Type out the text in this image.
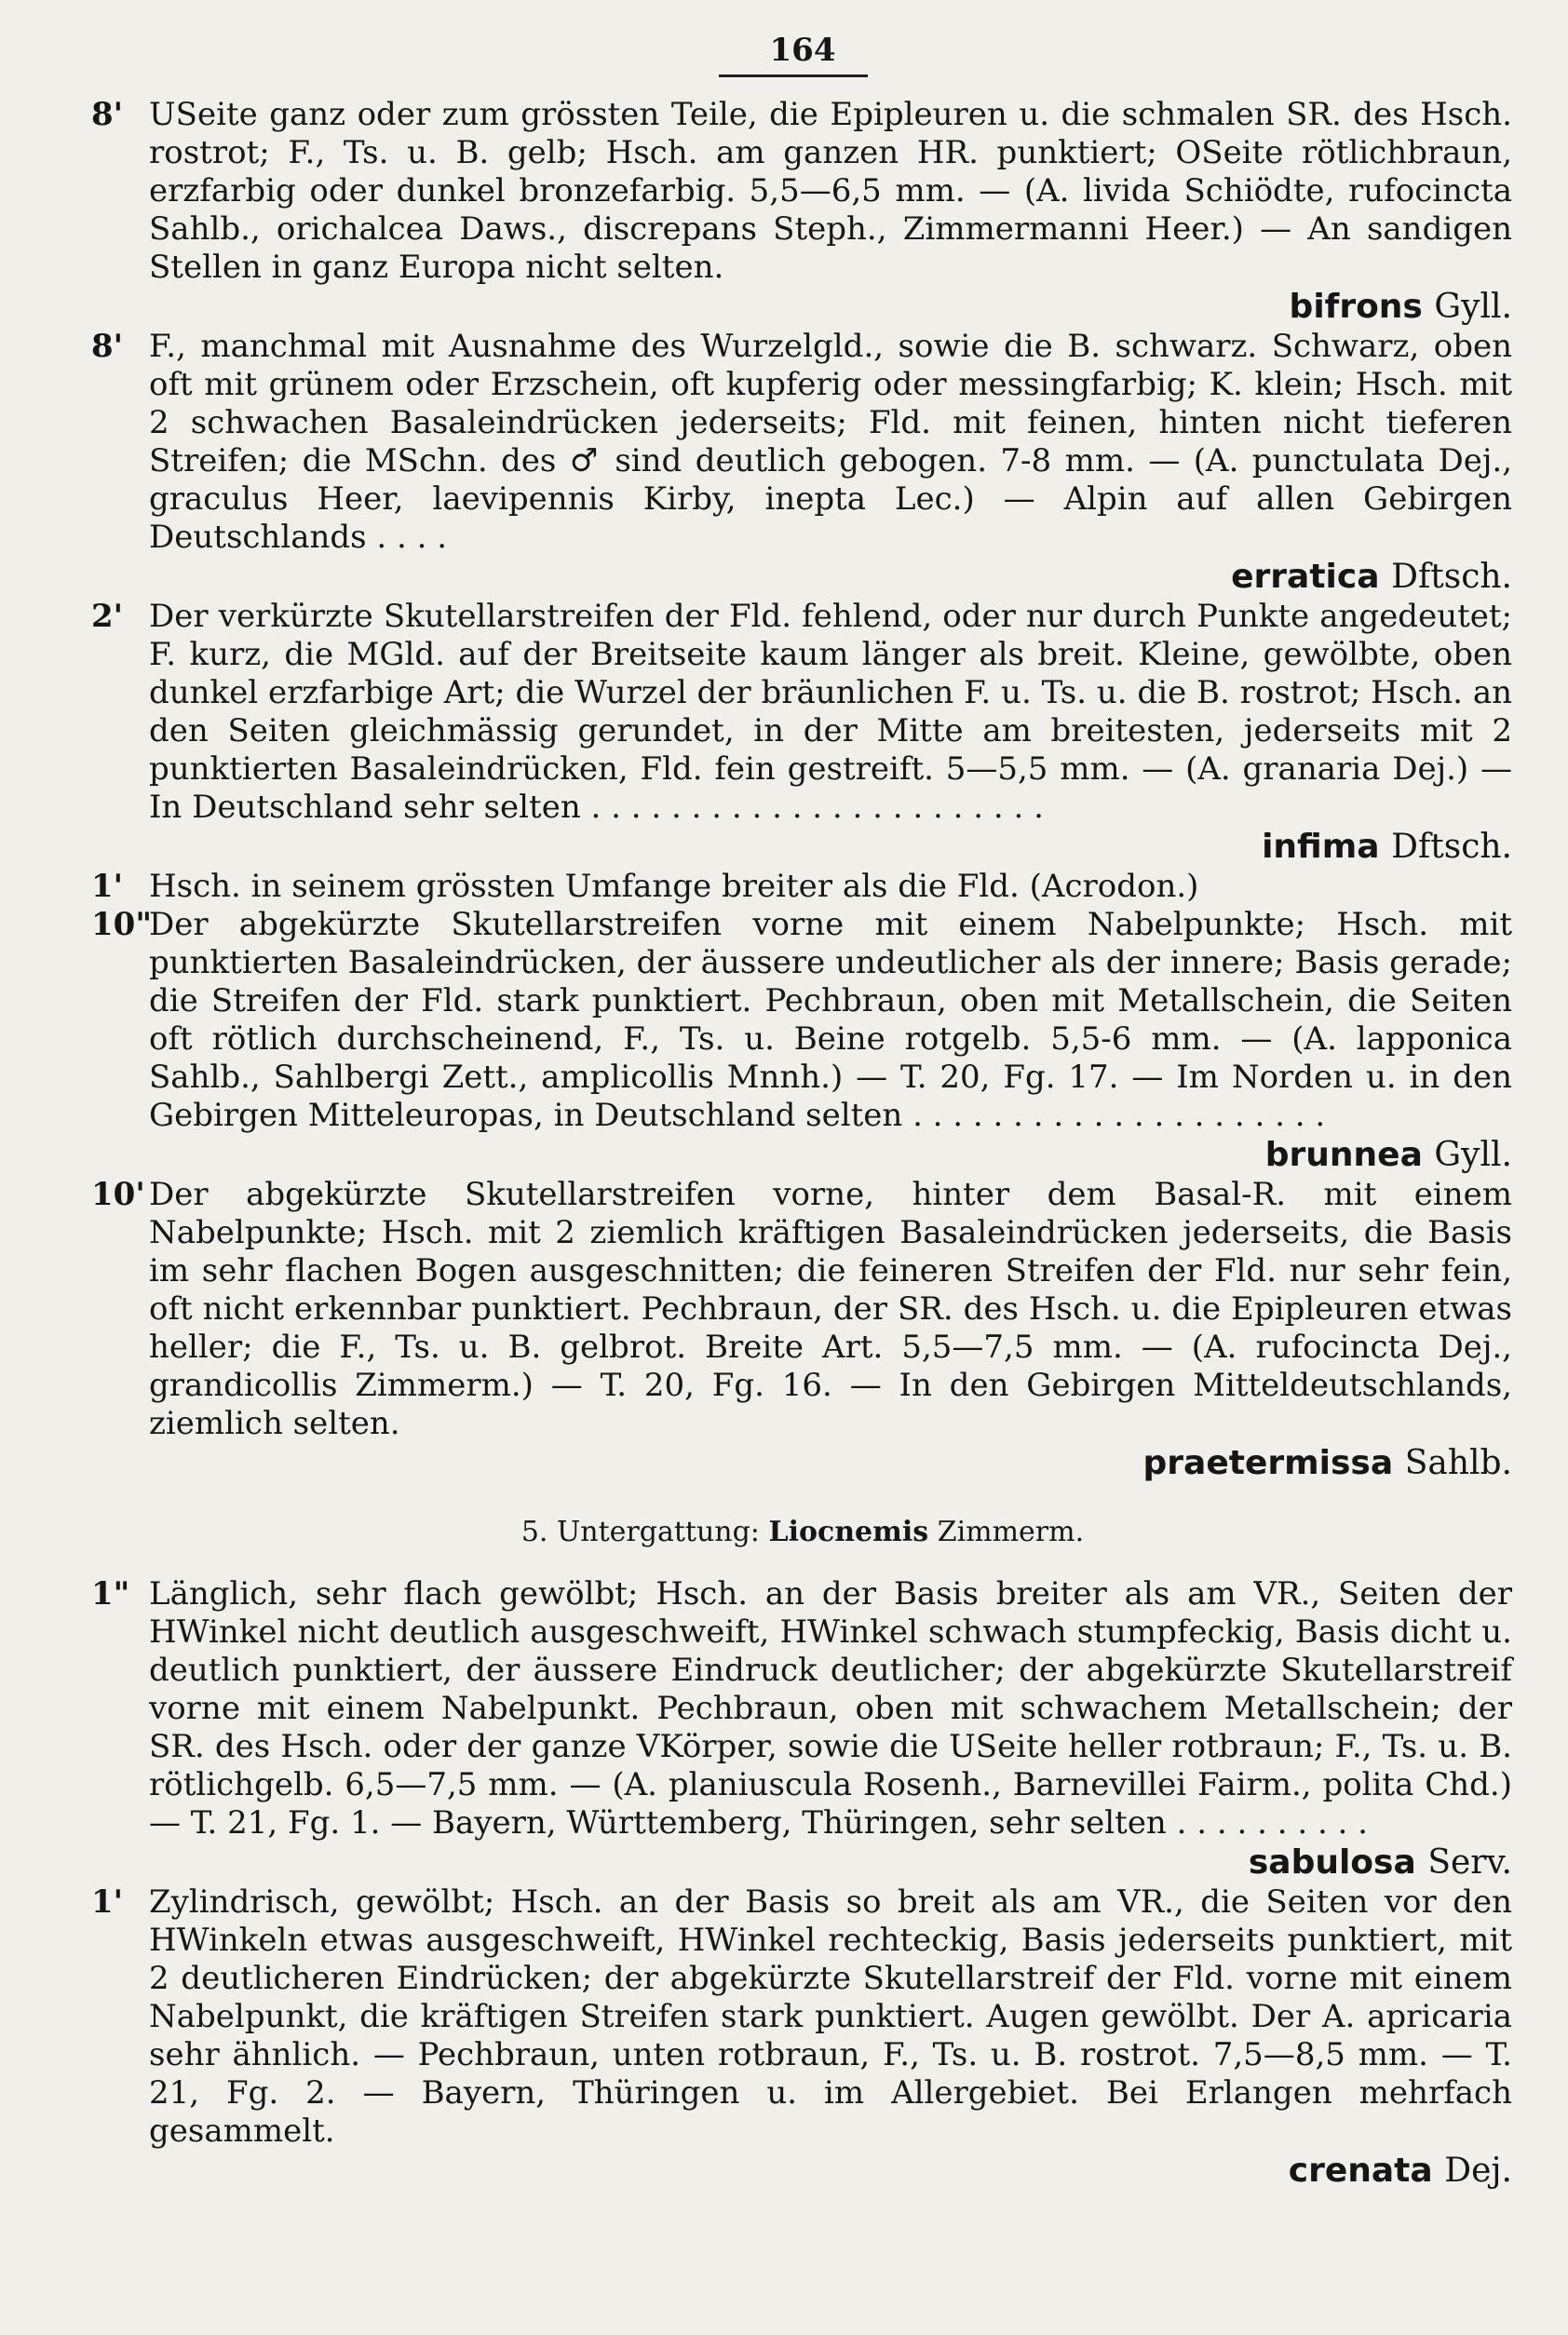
164
8' USeite ganz oder zum grössten Teile, die Epipleuren u. die schmalen SR. des Hsch. rostrot; F., Ts. u. B. gelb; Hsch. am ganzen HR. punktiert; OSeite rötlichbraun, erzfarbig oder dunkel bronzefarbig. 5,5—6,5 mm. — (A. livida Schiödte, rufocincta Sahlb., orichalcea Daws., discrepans Steph., Zimmermanni Heer.) — An sandigen Stellen in ganz Europa nicht selten.
bifrons Gyll.
8' F., manchmal mit Ausnahme des Wurzelgld., sowie die B. schwarz. Schwarz, oben oft mit grünem oder Erzschein, oft kupferig oder messingfarbig; K. klein; Hsch. mit 2 schwachen Basaleindrücken jederseits; Fld. mit feinen, hinten nicht tieferen Streifen; die MSchn. des ♂ sind deutlich gebogen. 7-8 mm. — (A. punctulata Dej., graculus Heer, laevipennis Kirby, inepta Lec.) — Alpin auf allen Gebirgen Deutschlands . . . .
erratica Dftsch.
2' Der verkürzte Skutellarstreifen der Fld. fehlend, oder nur durch Punkte angedeutet; F. kurz, die MGld. auf der Breitseite kaum länger als breit. Kleine, gewölbte, oben dunkel erzfarbige Art; die Wurzel der bräunlichen F. u. Ts. u. die B. rostrot; Hsch. an den Seiten gleichmässig gerundet, in der Mitte am breitesten, jederseits mit 2 punktierten Basaleindrücken, Fld. fein gestreift. 5—5,5 mm. — (A. granaria Dej.) — In Deutschland sehr selten . . . . . . . . . . . . . . . . . . . . . . .
infima Dftsch.
1' Hsch. in seinem grössten Umfange breiter als die Fld. (Acrodon.)
10"
Der abgekürzte Skutellarstreifen vorne mit einem Nabelpunkte; Hsch. mit punktierten Basaleindrücken, der äussere undeutlicher als der innere; Basis gerade; die Streifen der Fld. stark punktiert. Pechbraun, oben mit Metallschein, die Seiten oft rötlich durchscheinend, F., Ts. u. Beine rotgelb. 5,5-6 mm. — (A. lapponica Sahlb., Sahlbergi Zett., amplicollis Mnnh.) — T. 20, Fg. 17. — Im Norden u. in den Gebirgen Mitteleuropas, in Deutschland selten . . . . . . . . . . . . . . . . . . . . .
brunnea Gyll.
10' Der abgekürzte Skutellarstreifen vorne, hinter dem Basal-R. mit einem Nabelpunkte; Hsch. mit 2 ziemlich kräftigen Basaleindrücken jederseits, die Basis im sehr flachen Bogen ausgeschnitten; die feineren Streifen der Fld. nur sehr fein, oft nicht erkennbar punktiert. Pechbraun, der SR. des Hsch. u. die Epipleuren etwas heller; die F., Ts. u. B. gelbrot. Breite Art. 5,5—7,5 mm. — (A. rufocincta Dej., grandicollis Zimmerm.) — T. 20, Fg. 16. — In den Gebirgen Mitteldeutschlands, ziemlich selten.
praetermissa Sahlb.
5. Untergattung: Liocnemis Zimmerm.
1" Länglich, sehr flach gewölbt; Hsch. an der Basis breiter als am VR., Seiten der HWinkel nicht deutlich ausgeschweift, HWinkel schwach stumpfeckig, Basis dicht u. deutlich punktiert, der äussere Eindruck deutlicher; der abgekürzte Skutellarstreif vorne mit einem Nabelpunkt. Pechbraun, oben mit schwachem Metallschein; der SR. des Hsch. oder der ganze VKörper, sowie die USeite heller rotbraun; F., Ts. u. B. rötlichgelb. 6,5—7,5 mm. — (A. planiuscula Rosenh., Barnevillei Fairm., polita Chd.) — T. 21, Fg. 1. — Bayern, Württemberg, Thüringen, sehr selten . . . . . . . . . .
sabulosa Serv.
1' Zylindrisch, gewölbt; Hsch. an der Basis so breit als am VR., die Seiten vor den HWinkeln etwas ausgeschweift, HWinkel rechteckig, Basis jederseits punktiert, mit 2 deutlicheren Eindrücken; der abgekürzte Skutellarstreif der Fld. vorne mit einem Nabelpunkt, die kräftigen Streifen stark punktiert. Augen gewölbt. Der A. apricaria sehr ähnlich. — Pechbraun, unten rotbraun, F., Ts. u. B. rostrot. 7,5—8,5 mm. — T. 21, Fg. 2. — Bayern, Thüringen u. im Allergebiet. Bei Erlangen mehrfach gesammelt.
crenata Dej.
